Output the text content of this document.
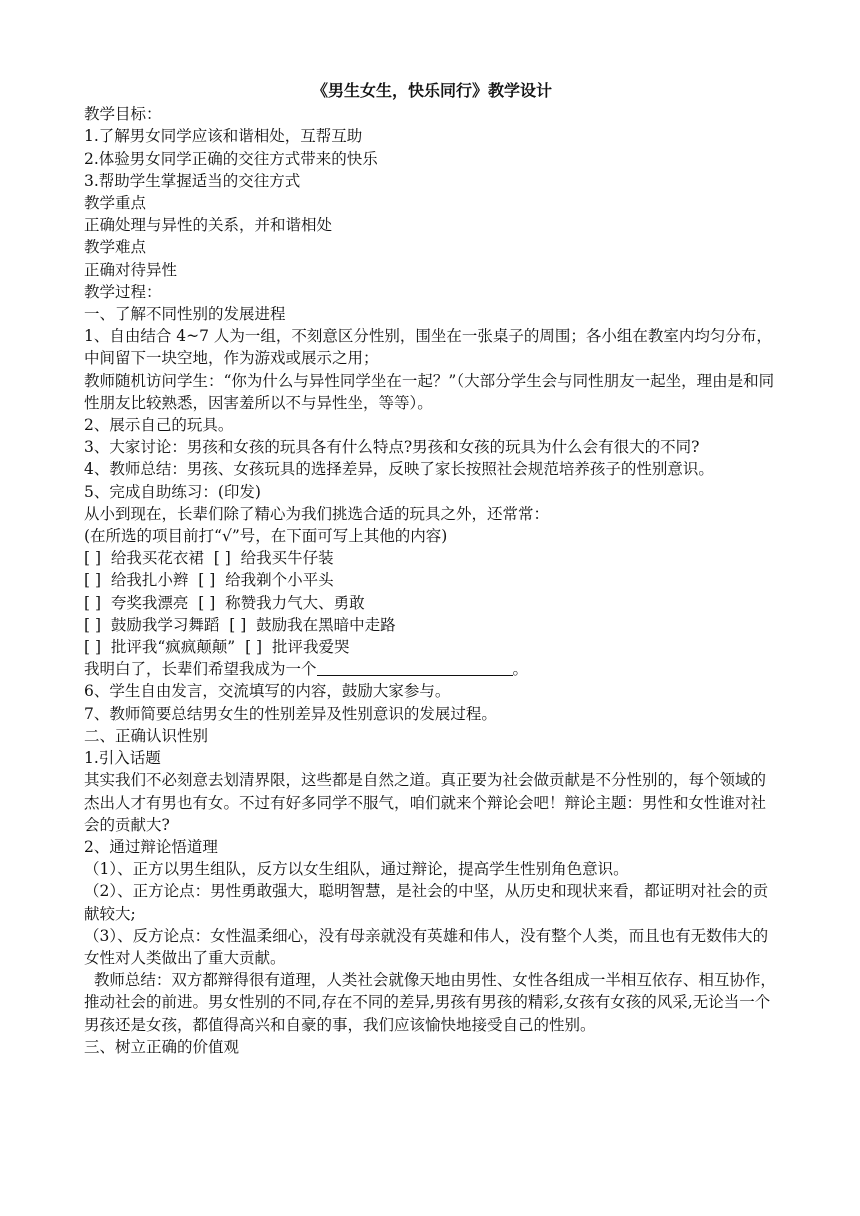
《男生女生，快乐同行》教学设计
教学目标：
1.了解男女同学应该和谐相处，互帮互助
2.体验男女同学正确的交往方式带来的快乐
3.帮助学生掌握适当的交往方式
教学重点
正确处理与异性的关系，并和谐相处
教学难点
正确对待异性
教学过程：
一、了解不同性别的发展进程
1、自由结合 4~7 人为一组，不刻意区分性别，围坐在一张桌子的周围；各小组在教室内均匀分布，中间留下一块空地，作为游戏或展示之用；
教师随机访问学生：“你为什么与异性同学坐在一起？”（大部分学生会与同性朋友一起坐，理由是和同性朋友比较熟悉，因害羞所以不与异性坐，等等）。
2、展示自己的玩具。
3、大家讨论：男孩和女孩的玩具各有什么特点?男孩和女孩的玩具为什么会有很大的不同?
4、教师总结：男孩、女孩玩具的选择差异，反映了家长按照社会规范培养孩子的性别意识。
5、完成自助练习：(印发)
从小到现在，长辈们除了精心为我们挑选合适的玩具之外，还常常：
(在所选的项目前打“√”号，在下面可写上其他的内容)
[ ]  给我买花衣裙  [ ]  给我买牛仔装
[ ]  给我扎小辫  [ ]  给我剃个小平头
[ ]  夸奖我漂亮  [ ]  称赞我力气大、勇敢
[ ]  鼓励我学习舞蹈  [ ]  鼓励我在黑暗中走路
[ ]  批评我“疯疯颠颠”  [ ]  批评我爱哭
我明白了，长辈们希望我成为一个	。
6、学生自由发言，交流填写的内容，鼓励大家参与。
7、教师简要总结男女生的性别差异及性别意识的发展过程。
二、正确认识性别
1.引入话题
其实我们不必刻意去划清界限，这些都是自然之道。真正要为社会做贡献是不分性别的，每个领域的杰出人才有男也有女。不过有好多同学不服气，咱们就来个辩论会吧！辩论主题：男性和女性谁对社会的贡献大?
2、通过辩论悟道理
（1）、正方以男生组队，反方以女生组队，通过辩论，提高学生性别角色意识。
（2）、正方论点：男性勇敢强大，聪明智慧，是社会的中坚，从历史和现状来看，都证明对社会的贡献较大;
（3）、反方论点：女性温柔细心，没有母亲就没有英雄和伟人，没有整个人类，而且也有无数伟大的女性对人类做出了重大贡献。
教师总结：双方都辩得很有道理，人类社会就像天地由男性、女性各组成一半相互依存、相互协作，推动社会的前进。男女性别的不同,存在不同的差异,男孩有男孩的精彩,女孩有女孩的风采,无论当一个男孩还是女孩，都值得高兴和自豪的事，我们应该愉快地接受自己的性别。
三、树立正确的价值观
